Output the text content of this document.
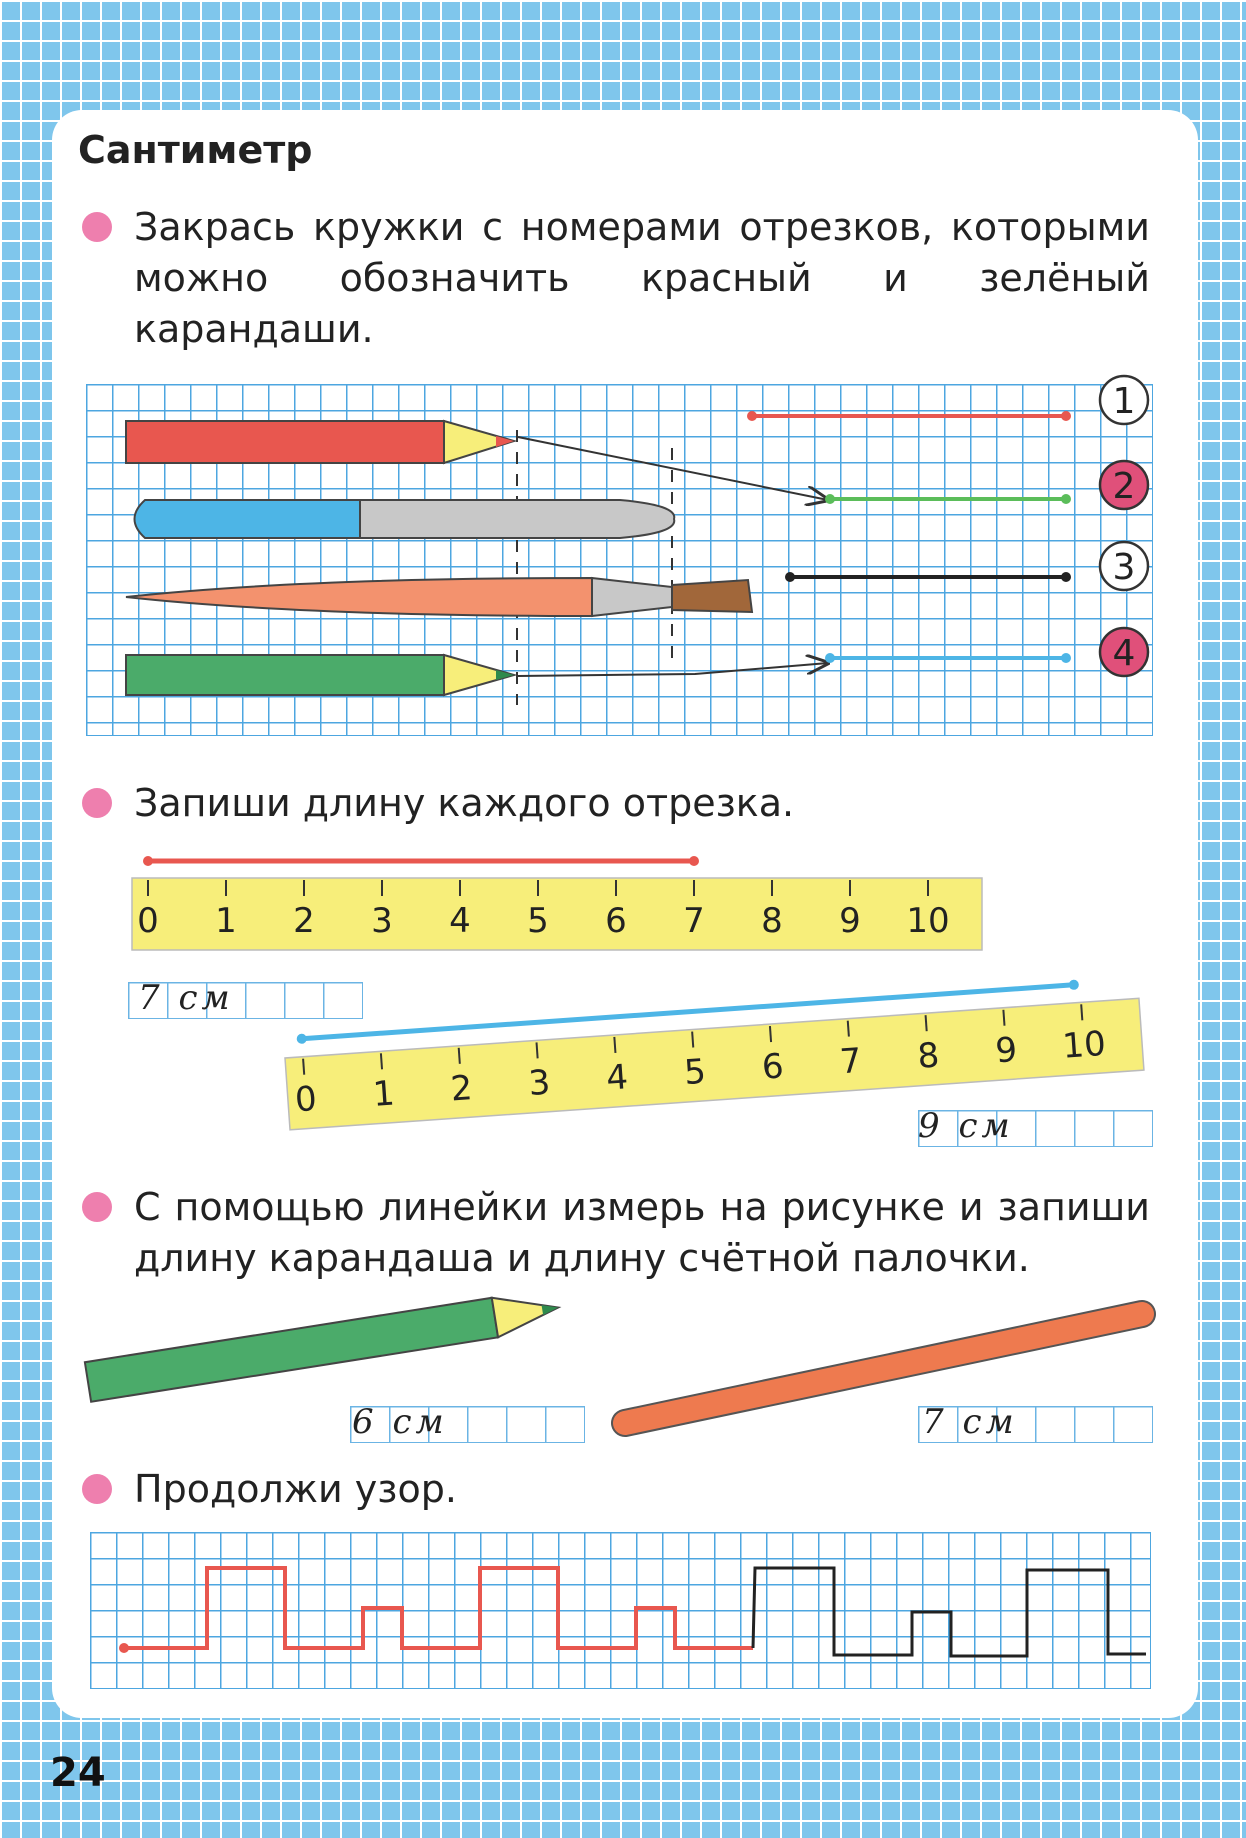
Сантиметр

Закрась кружки с номерами отрезков, которыми можно обозначить красный и зелёный карандаши.

Запиши длину каждого отрезка.

7 см
9 см

С помощью линейки измерь на рисунке и запиши длину карандаша и длину счётной палочки.

6 см	7 см

Продолжи узор.

24

1
2
3
4
0 1 2 3 4 5 6 7 8 9 10
0 1 2 3 4 5 6 7 8 9 10
